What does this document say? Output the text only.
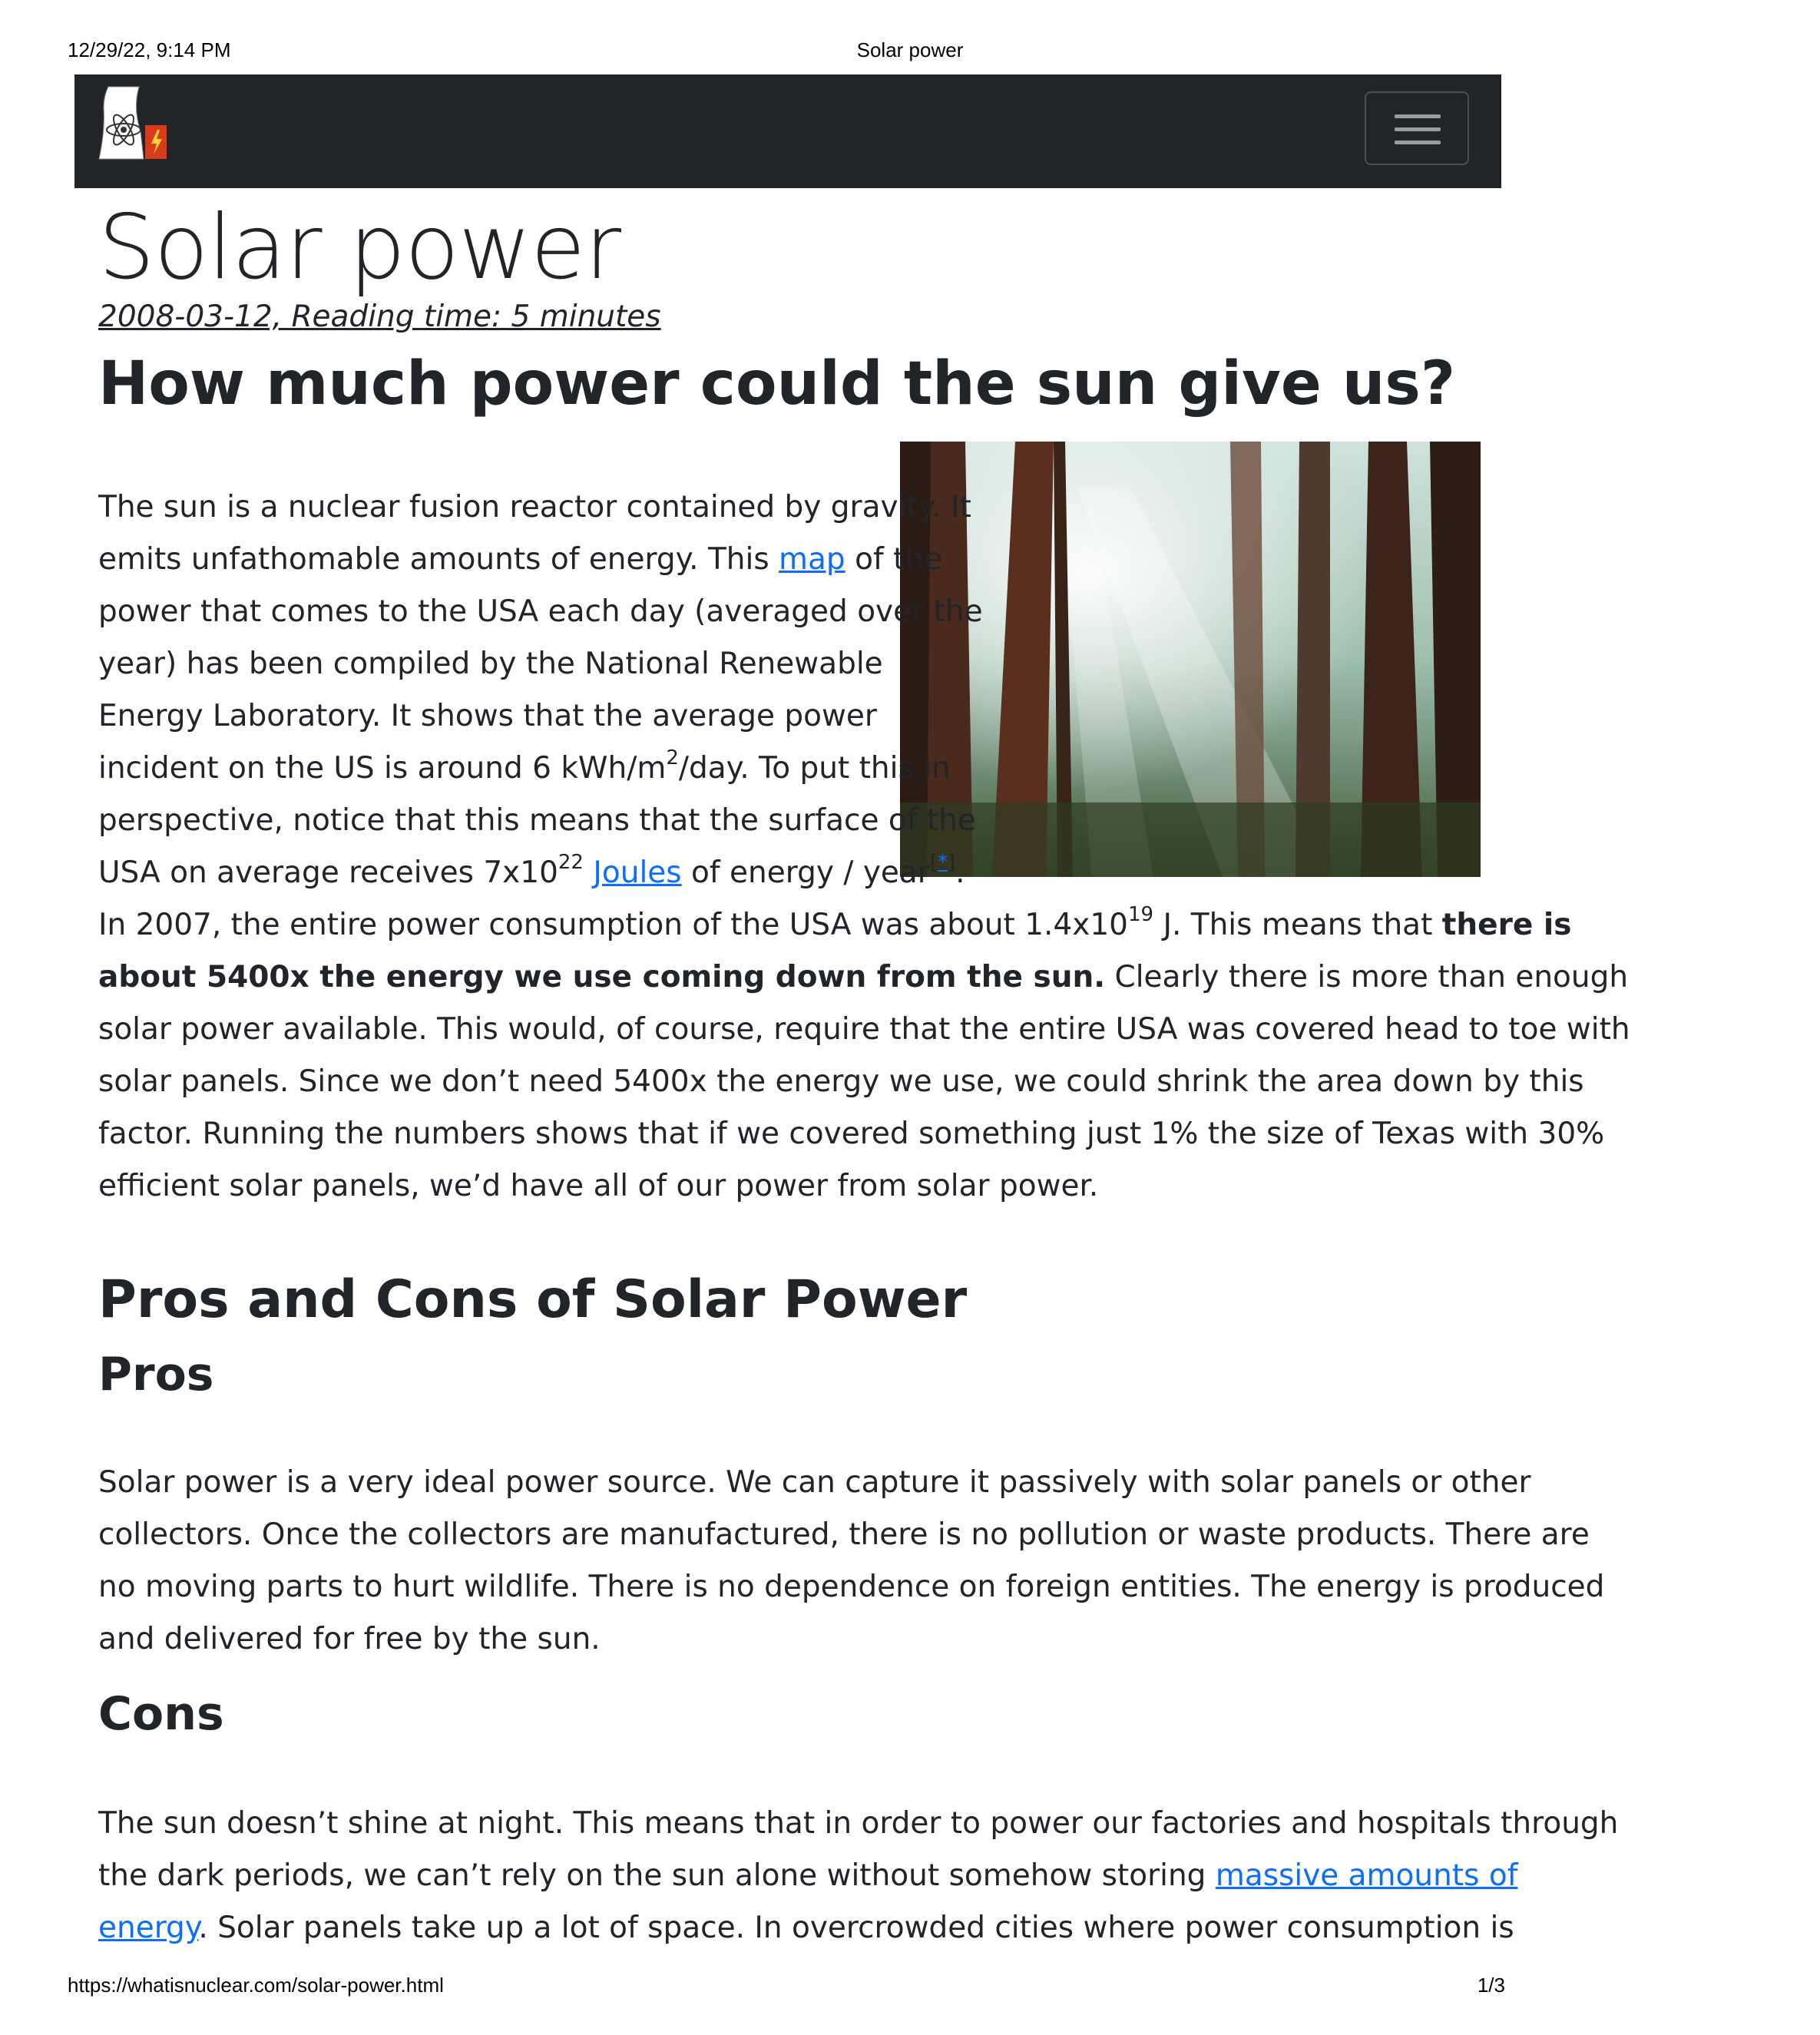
12/29/22, 9:14 PM	Solar power
Solar power
2008-03-12, Reading time: 5 minutes
How much power could the sun give us?
The sun is a nuclear fusion reactor contained by gravity. It
emits unfathomable amounts of energy. This map of the
power that comes to the USA each day (averaged over the
year) has been compiled by the National Renewable
Energy Laboratory. It shows that the average power
incident on the US is around 6 kWh/$m^2$/day. To put this in
perspective, notice that this means that the surface of the
USA on average receives $7x10^{22}$ Joules of energy / year[*].
In 2007, the entire power consumption of the USA was about $1.4x10^{19}$ J. This means that there is
about 5400x the energy we use coming down from the sun. Clearly there is more than enough
solar power available. This would, of course, require that the entire USA was covered head to toe with
solar panels. Since we don’t need 5400x the energy we use, we could shrink the area down by this
factor. Running the numbers shows that if we covered something just 1% the size of Texas with 30%
efficient solar panels, we’d have all of our power from solar power.
Pros and Cons of Solar Power
Pros
Solar power is a very ideal power source. We can capture it passively with solar panels or other
collectors. Once the collectors are manufactured, there is no pollution or waste products. There are
no moving parts to hurt wildlife. There is no dependence on foreign entities. The energy is produced
and delivered for free by the sun.
Cons
The sun doesn’t shine at night. This means that in order to power our factories and hospitals through
the dark periods, we can’t rely on the sun alone without somehow storing massive amounts of
energy. Solar panels take up a lot of space. In overcrowded cities where power consumption is
https://whatisnuclear.com/solar-power.html	1/3
